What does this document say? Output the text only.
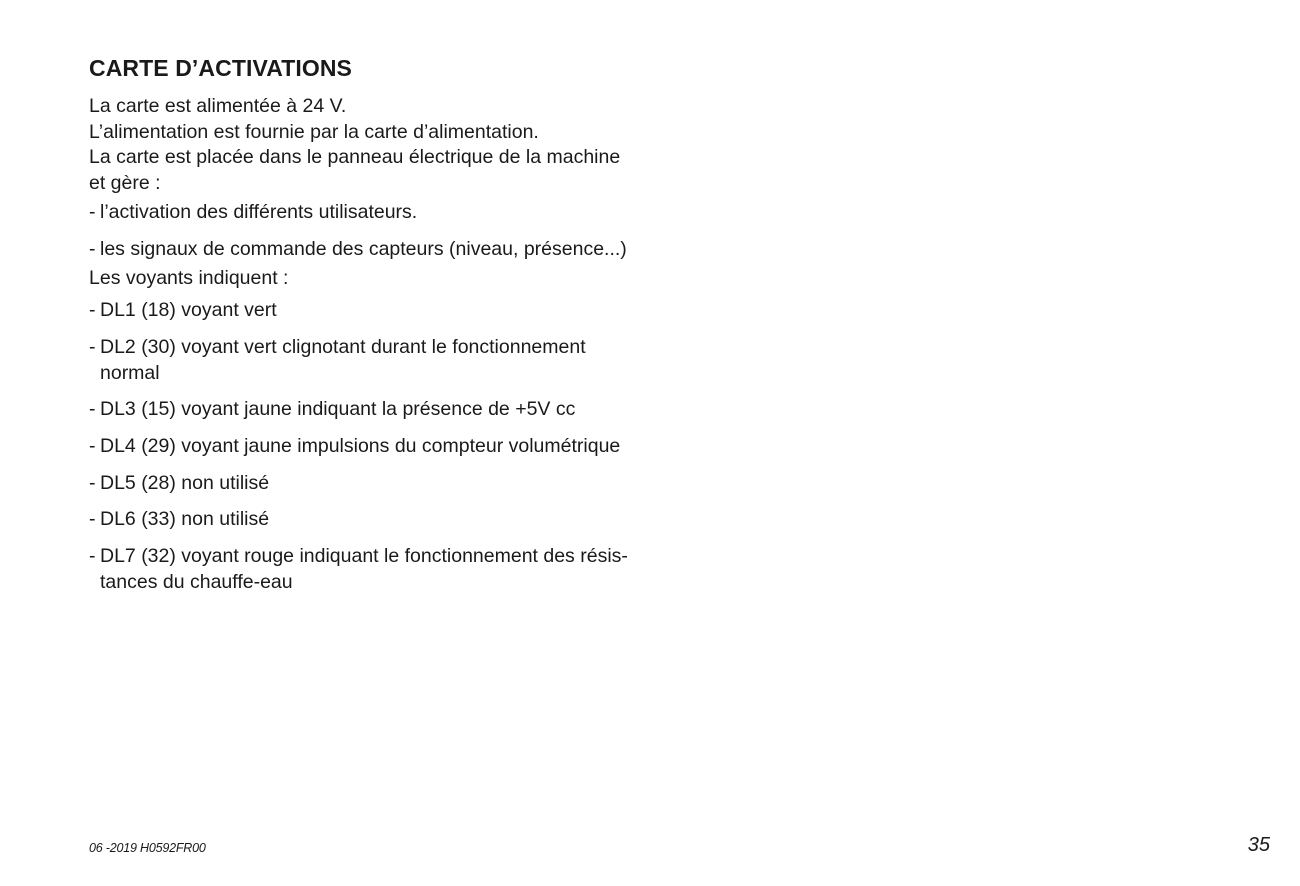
CARTE D’ACTIVATIONS
La carte est alimentée à 24 V.
L’alimentation est fournie par la carte d’alimentation.
La carte est placée dans le panneau électrique de la machine
et gère :
- l’activation des différents utilisateurs.
- les signaux de commande des capteurs (niveau, présence...)
Les voyants indiquent :
- DL1 (18) voyant vert
- DL2 (30) voyant vert clignotant durant le fonctionnement normal
- DL3 (15) voyant jaune indiquant la présence de +5V cc
- DL4 (29) voyant jaune impulsions du compteur volumétrique
- DL5 (28) non utilisé
- DL6 (33) non utilisé
- DL7 (32) voyant rouge indiquant le fonctionnement des résis-tances du chauffe-eau
06 -2019 H0592FR00	35
